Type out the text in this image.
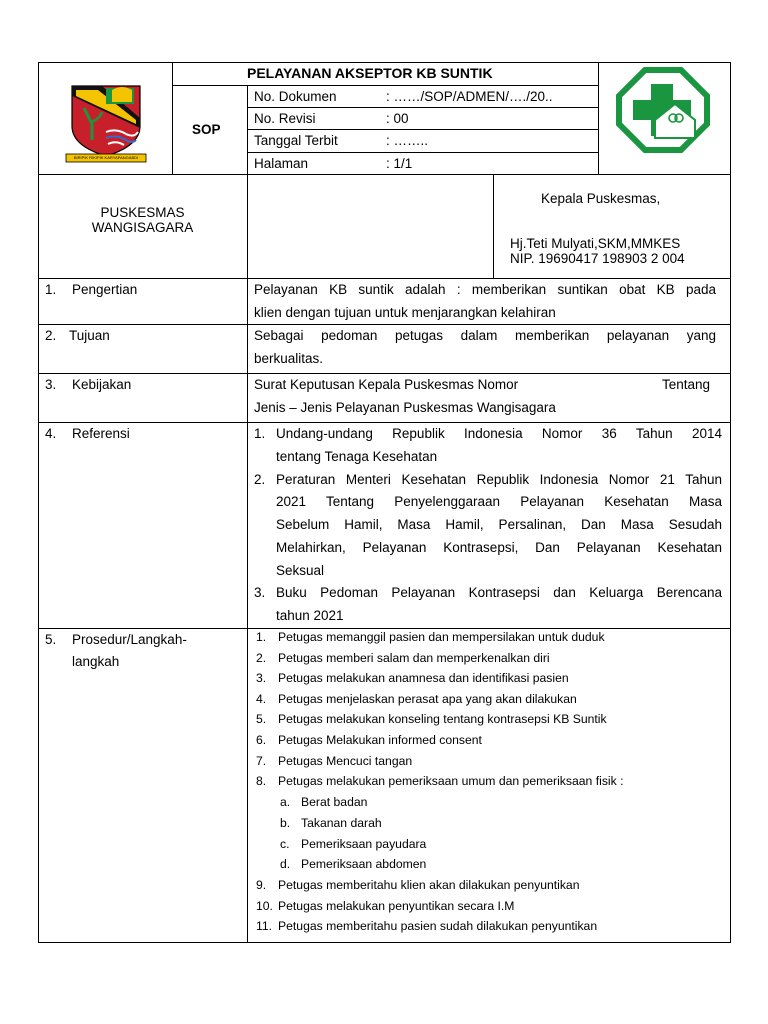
BIRIPIK RIKIPIK KARYAPANGABDI
PELAYANAN AKSEPTOR KB SUNTIK
SOP
No. Dokumen	: ……/SOP/ADMEN/…./20..
No. Revisi	: 00
Tanggal Terbit	: ……..
Halaman	: 1/1
PUSKESMAS
WANGISAGARA
Kepala Puskesmas,
Hj.Teti Mulyati,SKM,MMKES
NIP. 19690417 198903 2 004
1. Pengertian	Pelayanan KB suntik adalah : memberikan suntikan obat KB pada
klien dengan tujuan untuk menjarangkan kelahiran
2. Tujuan	Sebagai pedoman petugas dalam memberikan pelayanan yang
berkualitas.
3. Kebijakan	Surat Keputusan Kepala Puskesmas Nomor	Tentang
Jenis – Jenis Pelayanan Puskesmas Wangisagara
4. Referensi	1. Undang-undang Republik Indonesia Nomor 36 Tahun 2014
tentang Tenaga Kesehatan
2. Peraturan Menteri Kesehatan Republik Indonesia Nomor 21 Tahun
2021 Tentang Penyelenggaraan Pelayanan Kesehatan Masa
Sebelum Hamil, Masa Hamil, Persalinan, Dan Masa Sesudah
Melahirkan, Pelayanan Kontrasepsi, Dan Pelayanan Kesehatan
Seksual
3. Buku Pedoman Pelayanan Kontrasepsi dan Keluarga Berencana
tahun 2021
5. Prosedur/Langkah-
langkah
1. Petugas memanggil pasien dan mempersilakan untuk duduk
2. Petugas memberi salam dan memperkenalkan diri
3. Petugas melakukan anamnesa dan identifikasi pasien
4. Petugas menjelaskan perasat apa yang akan dilakukan
5. Petugas melakukan konseling tentang kontrasepsi KB Suntik
6. Petugas Melakukan informed consent
7. Petugas Mencuci tangan
8. Petugas melakukan pemeriksaan umum dan pemeriksaan fisik :
a. Berat badan
b. Takanan darah
c. Pemeriksaan payudara
d. Pemeriksaan abdomen
9. Petugas memberitahu klien akan dilakukan penyuntikan
10. Petugas melakukan penyuntikan secara I.M
11. Petugas memberitahu pasien sudah dilakukan penyuntikan
